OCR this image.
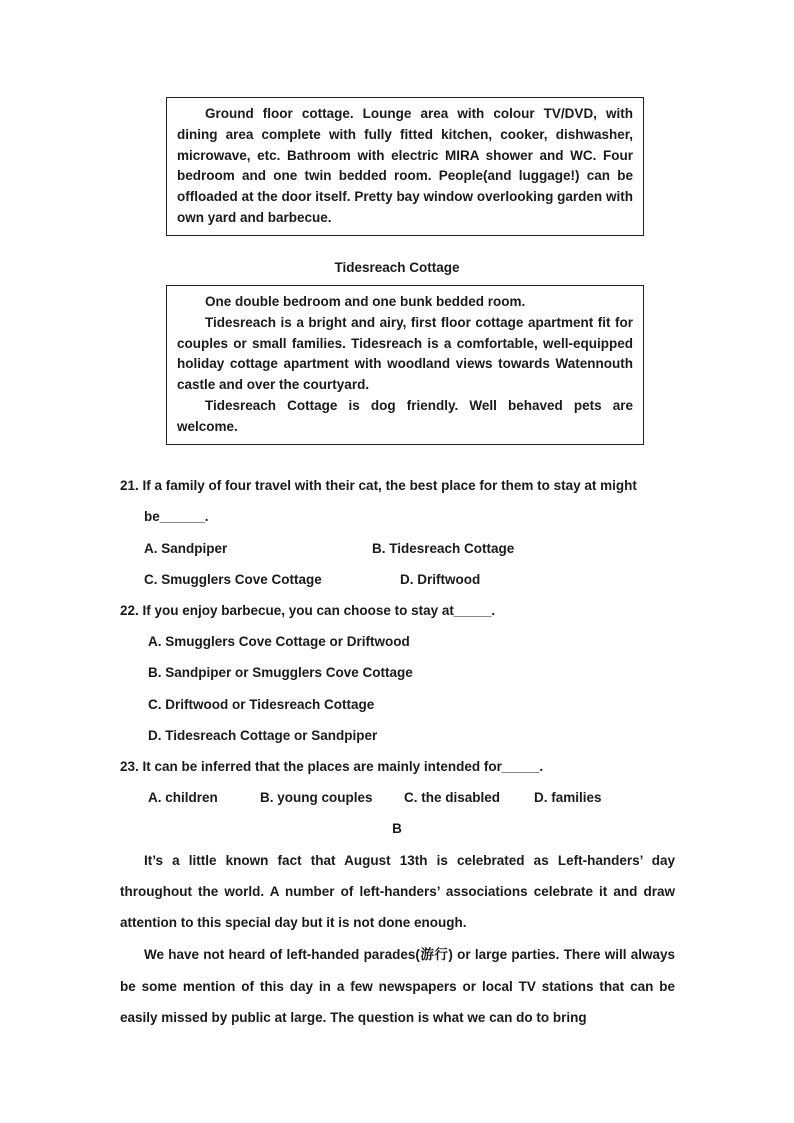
Ground floor cottage. Lounge area with colour TV/DVD, with dining area complete with fully fitted kitchen, cooker, dishwasher, microwave, etc. Bathroom with electric MIRA shower and WC. Four bedroom and one twin bedded room. People(and luggage!) can be offloaded at the door itself. Pretty bay window overlooking garden with own yard and barbecue.

Tidesreach Cottage

One double bedroom and one bunk bedded room.

Tidesreach is a bright and airy, first floor cottage apartment fit for couples or small families. Tidesreach is a comfortable, well-equipped holiday cottage apartment with woodland views towards Watennouth castle and over the courtyard.

Tidesreach Cottage is dog friendly. Well behaved pets are welcome.

21. If a family of four travel with their cat, the best place for them to stay at might
be______.
A. Sandpiper	B. Tidesreach Cottage
C. Smugglers Cove Cottage	D. Driftwood
22. If you enjoy barbecue, you can choose to stay at_____.
A. Smugglers Cove Cottage or Driftwood
B. Sandpiper or Smugglers Cove Cottage
C. Driftwood or Tidesreach Cottage
D. Tidesreach Cottage or Sandpiper
23. It can be inferred that the places are mainly intended for_____.
A. children	B. young couples C. the disabled	D. families
B

It’s a little known fact that August 13th is celebrated as Left-handers’ day throughout the world. A number of left-handers’ associations celebrate it and draw attention to this special day but it is not done enough.

We have not heard of left-handed parades(游行) or large parties. There will always be some mention of this day in a few newspapers or local TV stations that can be easily missed by public at large. The question is what we can do to bring
